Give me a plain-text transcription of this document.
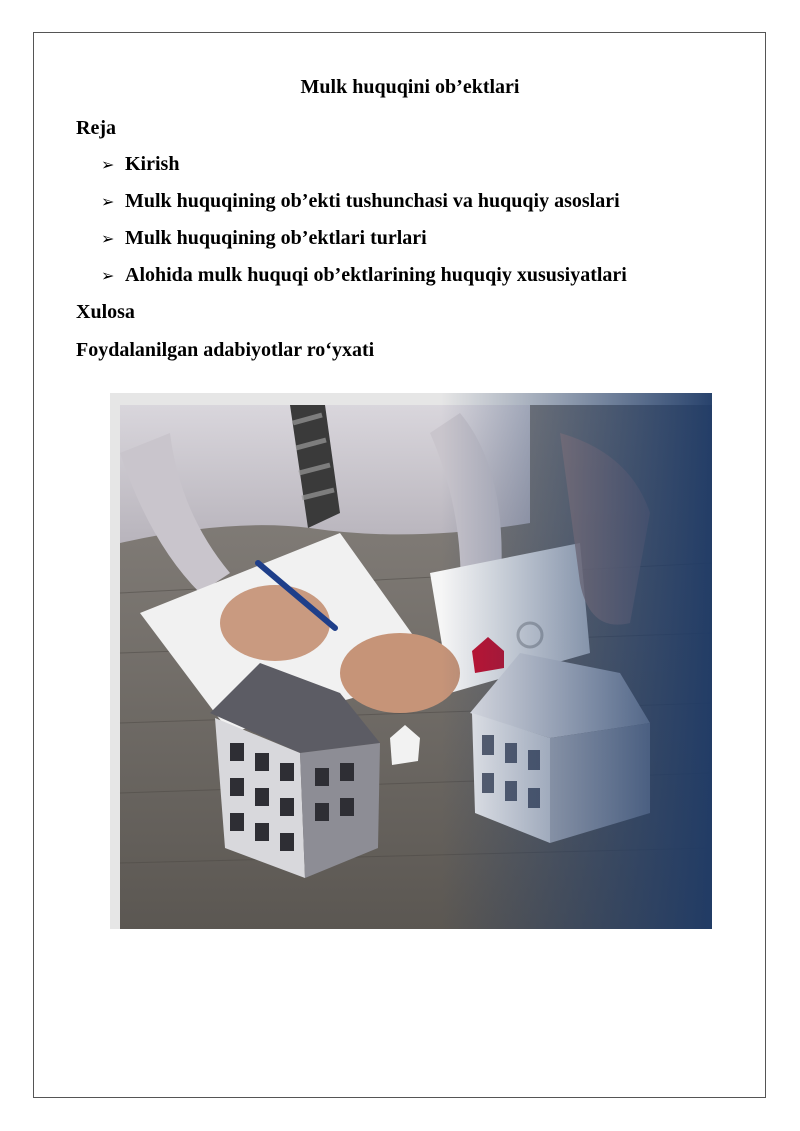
Mulk huquqini ob’ektlari
Reja
➢ Kirish
➢ Mulk huquqining ob’ekti tushunchasi va huquqiy asoslari
➢ Mulk huquqining ob’ektlari turlari
➢ Alohida mulk huquqi ob’ektlarining huquqiy xususiyatlari
Xulosa
Foydalanilgan adabiyotlar ro‘yxati
